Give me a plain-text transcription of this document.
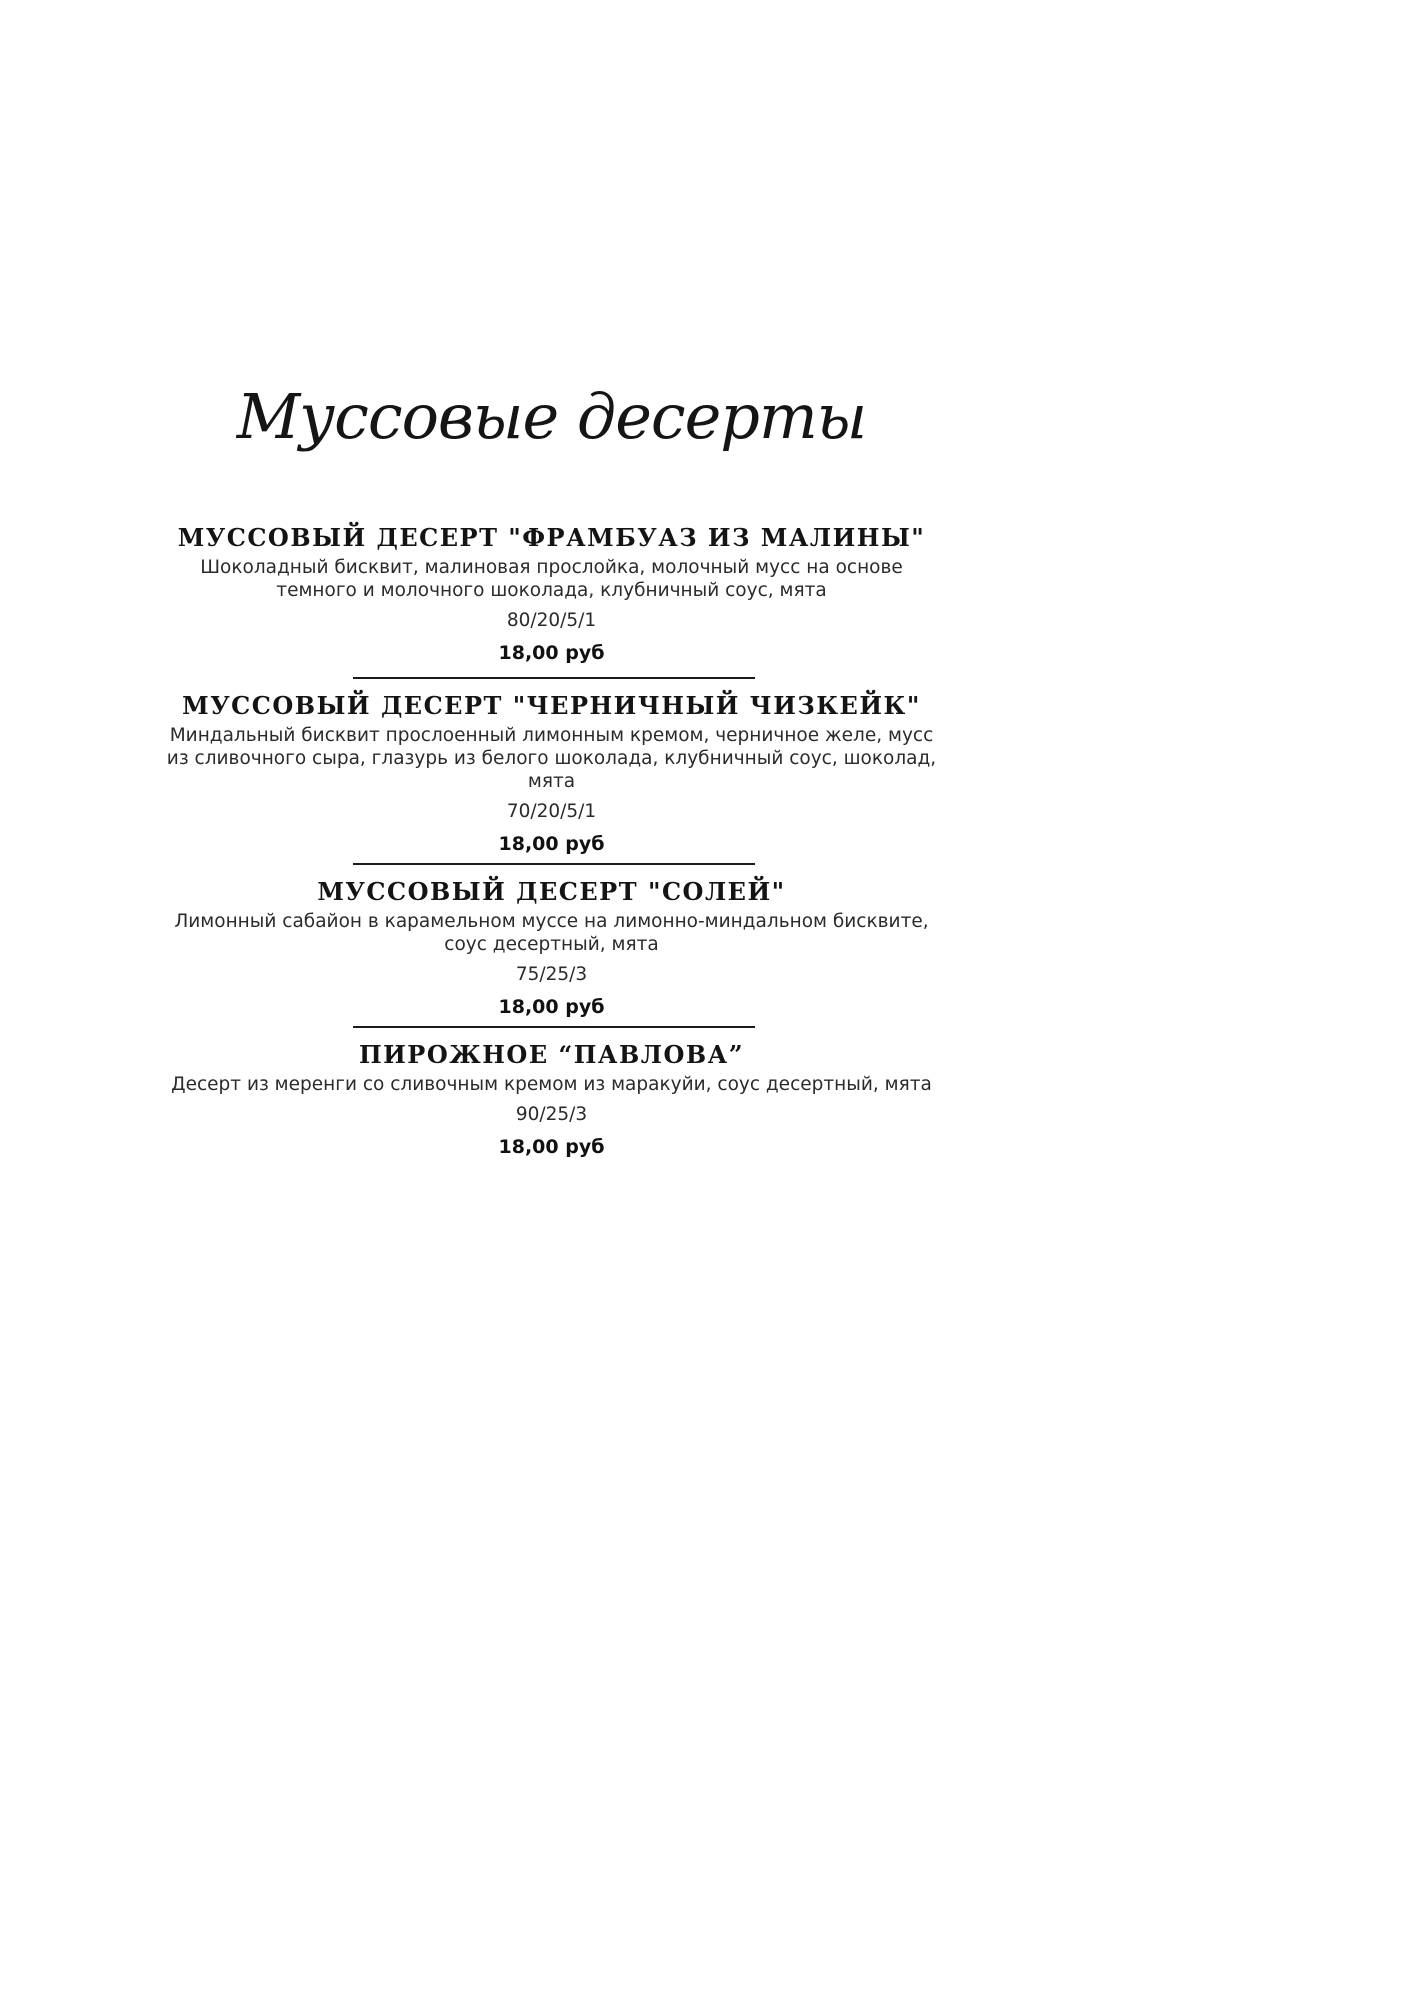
Муссовые десерты
МУССОВЫЙ ДЕСЕРТ "ФРАМБУАЗ ИЗ МАЛИНЫ"
Шоколадный бисквит, малиновая прослойка, молочный мусс на основе темного и молочного шоколада, клубничный соус, мята
80/20/5/1
18,00 руб
МУССОВЫЙ ДЕСЕРТ "ЧЕРНИЧНЫЙ ЧИЗКЕЙК"
Миндальный бисквит прослоенный лимонным кремом, черничное желе, мусс из сливочного сыра, глазурь из белого шоколада, клубничный соус, шоколад, мята
70/20/5/1
18,00 руб
МУССОВЫЙ ДЕСЕРТ "СОЛЕЙ"
Лимонный сабайон в карамельном муссе на лимонно-миндальном бисквите, соус десертный, мята
75/25/3
18,00 руб
ПИРОЖНОЕ “ПАВЛОВА”
Десерт из меренги со сливочным кремом из маракуйи, соус десертный, мята
90/25/3
18,00 руб
